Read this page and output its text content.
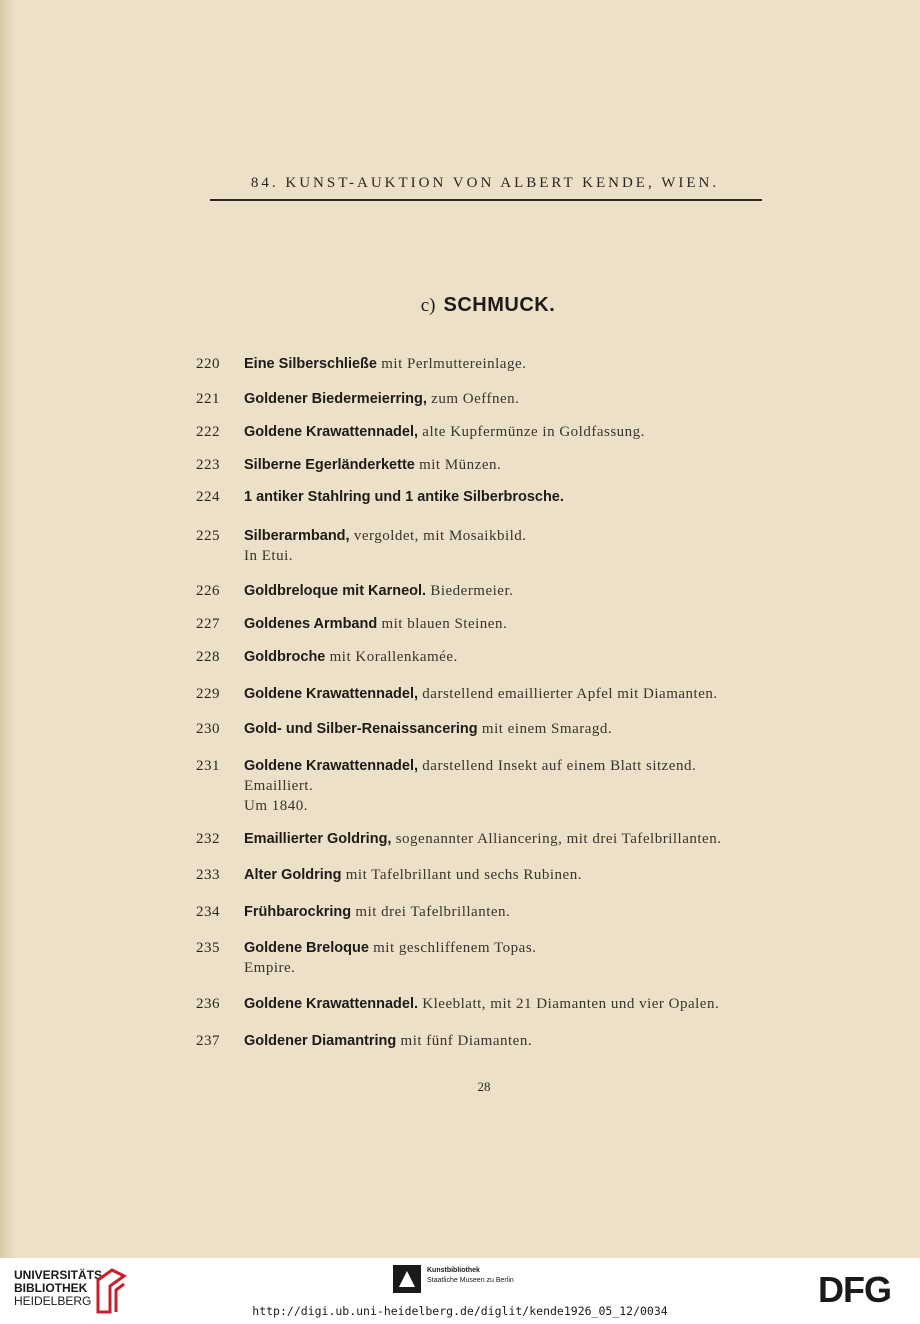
84. KUNST-AUKTION VON ALBERT KENDE, WIEN.
c) SCHMUCK.
220 Eine Silberschließe mit Perlmuttereinlage.
221 Goldener Biedermeierring, zum Oeffnen.
222 Goldene Krawattennadel, alte Kupfermünze in Goldfassung.
223 Silberne Egerländerkette mit Münzen.
224 1 antiker Stahlring und 1 antike Silberbrosche.
225 Silberarmband, vergoldet, mit Mosaikbild.
In Etui.
226 Goldbreloque mit Karneol. Biedermeier.
227 Goldenes Armband mit blauen Steinen.
228 Goldbroche mit Korallenkamée.
229 Goldene Krawattennadel, darstellend emaillierter Apfel mit Diamanten.
230 Gold- und Silber-Renaissancering mit einem Smaragd.
231 Goldene Krawattennadel, darstellend Insekt auf einem Blatt sitzend.
Emailliert.
Um 1840.
232 Emaillierter Goldring, sogenannter Alliancering, mit drei Tafelbrillanten.
233 Alter Goldring mit Tafelbrillant und sechs Rubinen.
234 Frühbarockring mit drei Tafelbrillanten.
235 Goldene Breloque mit geschliffenem Topas.
Empire.
236 Goldene Krawattennadel. Kleeblatt, mit 21 Diamanten und vier Opalen.
237 Goldener Diamantring mit fünf Diamanten.
28
UNIVERSITÄTS-
BIBLIOTHEK
HEIDELBERG
Kunstbibliothek
Staatliche Museen zu Berlin	DFG
http://digi.ub.uni-heidelberg.de/diglit/kende1926_05_12/0034
